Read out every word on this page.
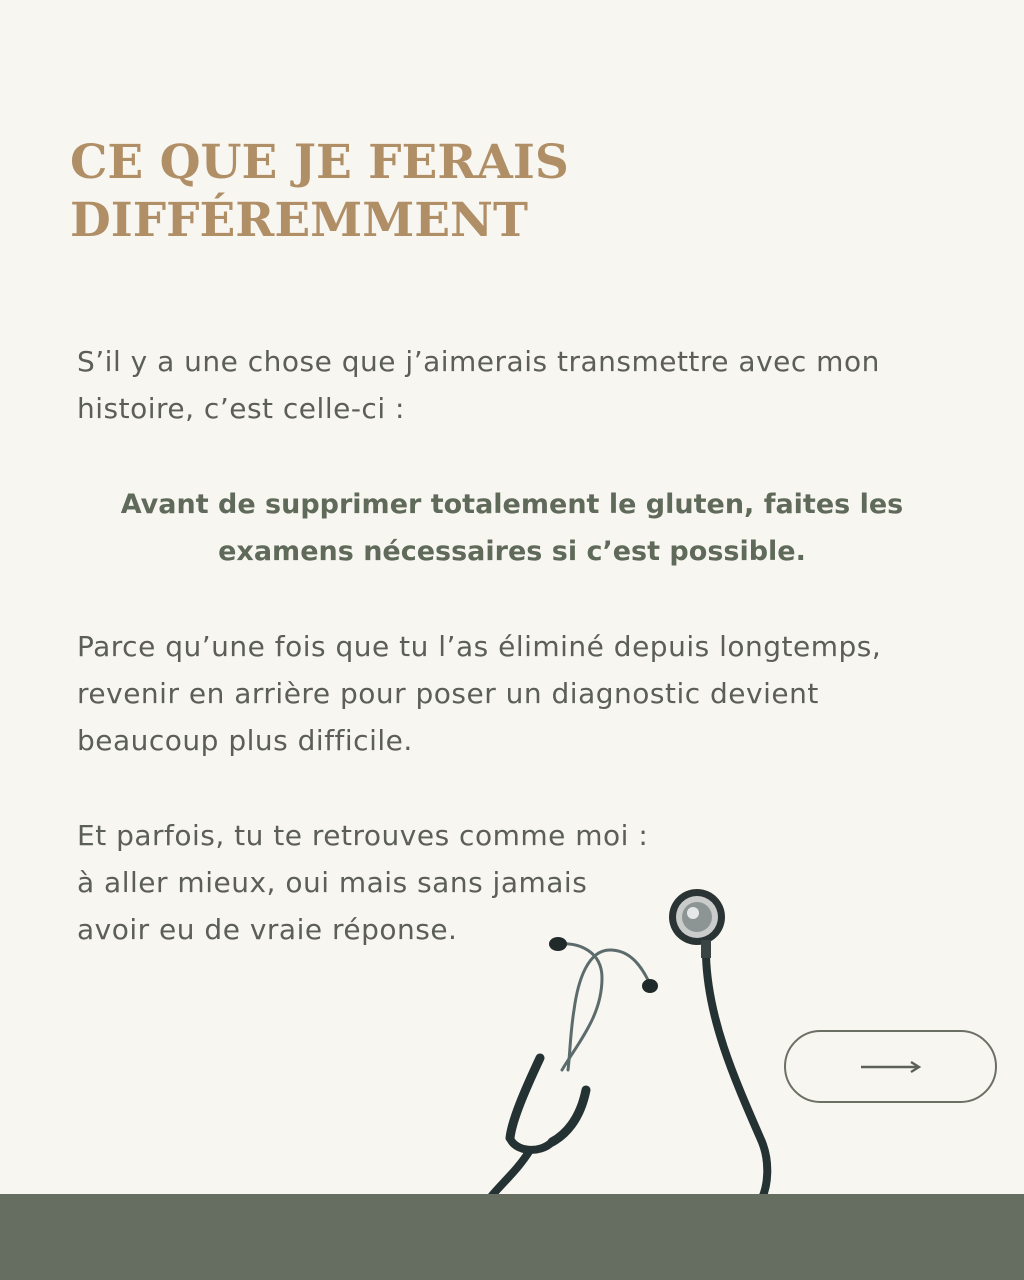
CE QUE JE FERAIS
DIFFÉREMMENT

S’il y a une chose que j’aimerais transmettre avec mon
histoire, c’est celle-ci :

Avant de supprimer totalement le gluten, faites les
examens nécessaires si c’est possible.

Parce qu’une fois que tu l’as éliminé depuis longtemps,
revenir en arrière pour poser un diagnostic devient
beaucoup plus difficile.

Et parfois, tu te retrouves comme moi :
à aller mieux, oui mais sans jamais
avoir eu de vraie réponse.
